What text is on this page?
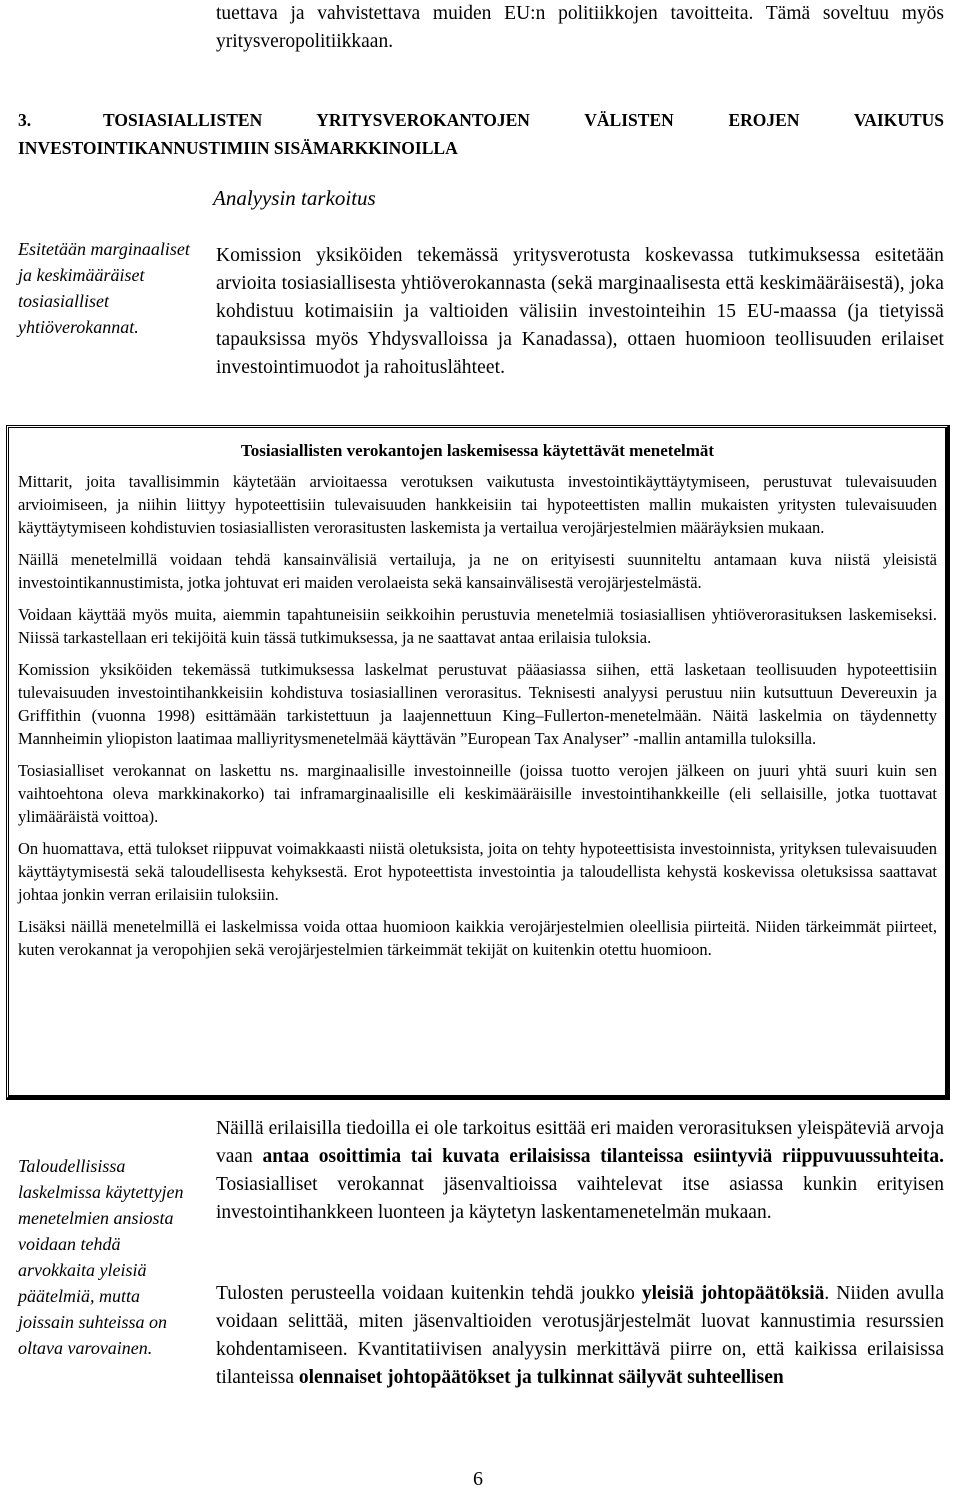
tuettava ja vahvistettava muiden EU:n politiikkojen tavoitteita. Tämä soveltuu myös yritysveropolitiikkaan.
3.	TOSIASIALLISTEN YRITYSVEROKANTOJEN VÄLISTEN EROJEN VAIKUTUS INVESTOINTIKANNUSTIMIIN SISÄMARKKINOILLA
Analyysin tarkoitus
Esitetään marginaaliset ja keskimääräiset tosiasialliset yhtiöverokannat.
Komission yksiköiden tekemässä yritysverotusta koskevassa tutkimuksessa esitetään arvioita tosiasiallisesta yhtiöverokannasta (sekä marginaalisesta että keskimääräisestä), joka kohdistuu kotimaisiin ja valtioiden välisiin investointeihin 15 EU-maassa (ja tietyissä tapauksissa myös Yhdysvalloissa ja Kanadassa), ottaen huomioon teollisuuden erilaiset investointimuodot ja rahoituslähteet.
Tosiasiallisten verokantojen laskemisessa käytettävät menetelmät

Mittarit, joita tavallisimmin käytetään arvioitaessa verotuksen vaikutusta investointikäyttäytymiseen, perustuvat tulevaisuuden arvioimiseen, ja niihin liittyy hypoteettisiin tulevaisuuden hankkeisiin tai hypoteettisten mallin mukaisten yritysten tulevaisuuden käyttäytymiseen kohdistuvien tosiasiallisten verorasitusten laskemista ja vertailua verojärjestelmien määräyksien mukaan.

Näillä menetelmillä voidaan tehdä kansainvälisiä vertailuja, ja ne on erityisesti suunniteltu antamaan kuva niistä yleisistä investointikannustimista, jotka johtuvat eri maiden verolaeista sekä kansainvälisestä verojärjestelmästä.

Voidaan käyttää myös muita, aiemmin tapahtuneisiin seikkoihin perustuvia menetelmiä tosiasiallisen yhtiöverorasituksen laskemiseksi. Niissä tarkastellaan eri tekijöitä kuin tässä tutkimuksessa, ja ne saattavat antaa erilaisia tuloksia.

Komission yksiköiden tekemässä tutkimuksessa laskelmat perustuvat pääasiassa siihen, että lasketaan teollisuuden hypoteettisiin tulevaisuuden investointihankkeisiin kohdistuva tosiasiallinen verorasitus. Teknisesti analyysi perustuu niin kutsuttuun Devereuxin ja Griffithin (vuonna 1998) esittämään tarkistettuun ja laajennettuun King–Fullerton-menetelmään. Näitä laskelmia on täydennetty Mannheimin yliopiston laatimaa malliyritysmenetelmää käyttävän ”European Tax Analyser” -mallin antamilla tuloksilla.

Tosiasialliset verokannat on laskettu ns. marginaalisille investoinneille (joissa tuotto verojen jälkeen on juuri yhtä suuri kuin sen vaihtoehtona oleva markkinakorko) tai inframarginaalisille eli keskimääräisille investointihankkeille (eli sellaisille, jotka tuottavat ylimääräistä voittoa).

On huomattava, että tulokset riippuvat voimakkaasti niistä oletuksista, joita on tehty hypoteettisista investoinnista, yrityksen tulevaisuuden käyttäytymisestä sekä taloudellisesta kehyksestä. Erot hypoteettista investointia ja taloudellista kehystä koskevissa oletuksissa saattavat johtaa jonkin verran erilaisiin tuloksiin.

Lisäksi näillä menetelmillä ei laskelmissa voida ottaa huomioon kaikkia verojärjestelmien oleellisia piirteitä. Niiden tärkeimmät piirteet, kuten verokannat ja veropohjien sekä verojärjestelmien tärkeimmät tekijät on kuitenkin otettu huomioon.

Taloudellisissa laskelmissa käytettyjen menetelmien ansiosta voidaan tehdä arvokkaita yleisiä päätelmiä, mutta joissain suhteissa on oltava varovainen.
Näillä erilaisilla tiedoilla ei ole tarkoitus esittää eri maiden verorasituksen yleispäteviä arvoja vaan antaa osoittimia tai kuvata erilaisissa tilanteissa esiintyviä riippuvuussuhteita. Tosiasialliset verokannat jäsenvaltioissa vaihtelevat itse asiassa kunkin erityisen investointihankkeen luonteen ja käytetyn laskentamenetelmän mukaan.
Tulosten perusteella voidaan kuitenkin tehdä joukko yleisiä johtopäätöksiä. Niiden avulla voidaan selittää, miten jäsenvaltioiden verotusjärjestelmät luovat kannustimia resurssien kohdentamiseen. Kvantitatiivisen analyysin merkittävä piirre on, että kaikissa erilaisissa tilanteissa olennaiset johtopäätökset ja tulkinnat säilyvät suhteellisen
6
